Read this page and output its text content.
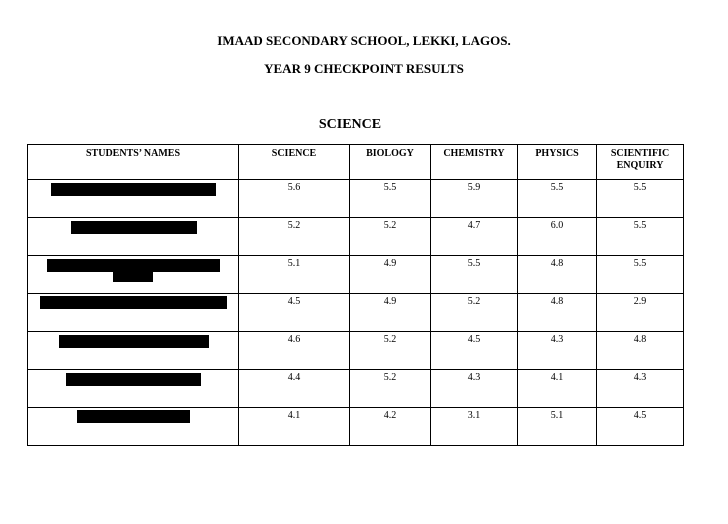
IMAAD SECONDARY SCHOOL, LEKKI, LAGOS.

YEAR 9 CHECKPOINT RESULTS

SCIENCE

STUDENTS’ NAMES	SCIENCE	BIOLOGY	CHEMISTRY	PHYSICS	SCIENTIFIC ENQUIRY

	5.6	5.5	5.9	5.5	5.5

	5.2	5.2	4.7	6.0	5.5

	5.1	4.9	5.5	4.8	5.5

	4.5	4.9	5.2	4.8	2.9

	4.6	5.2	4.5	4.3	4.8

	4.4	5.2	4.3	4.1	4.3

	4.1	4.2	3.1	5.1	4.5
